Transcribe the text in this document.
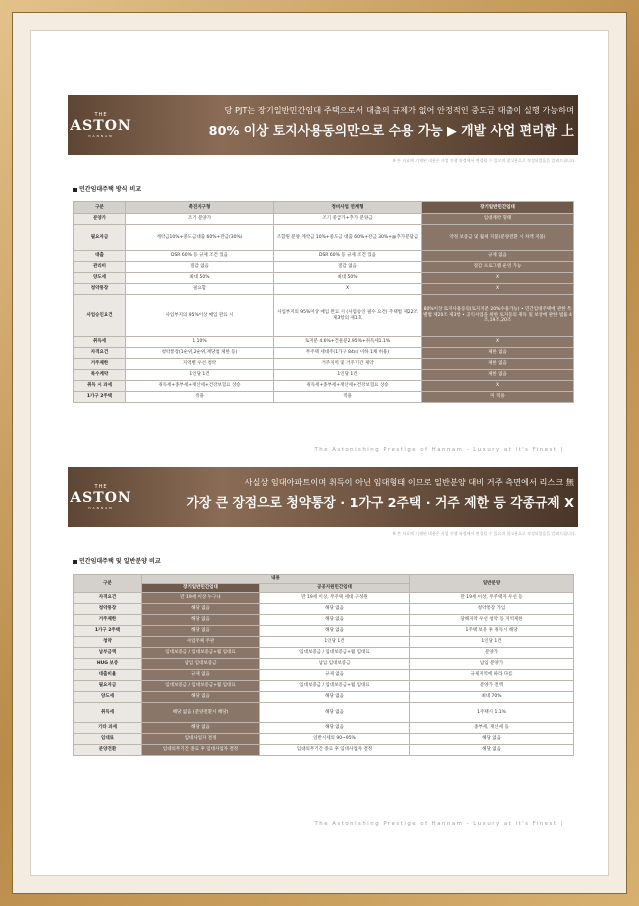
THE
ASTON
HANNAM
당 PJT는 장기일반민간임대 주택으로서 대출의 규제가 없어 안정적인 중도금 대출이 실행 가능하며
80% 이상 토지사용동의만으로 수용 가능 ▶ 개발 사업 편리함 上
※ 본 자료에 기재된 내용은 사업 진행 과정에서 변경될 수 있으며 참고용으로 작성되었음을 알려드립니다.
민간임대주택 방식 비교
구분	촉진지구형	정비사업 연계형	장기일반민간임대
분양가	조기 분양가	조기 중급가+추가 분양금	임대계약 형태
필요자금	계약금10%+중도금대출 60%+잔금(30%)	조합원 분양 계약금 10%+중도금 대출 60%+잔금 30%+@추가분담금	약정 보증금 및 월세 지불(분양전환 시 차액 지불)
대출	DSR 60% 등 규제 조건 있음	DSR 60% 등 규제 조건 있음	규제 없음
관리비	절감 없음	절감 없음	절감 프로그램 운영 가능
양도세	최대 50%	최대 50%	X
청약통장	필요함	X	X
사업승인요건	사업부지의 95%이상 매입 완료 시	사업부지의 95%이상 매입 완료 시 (사업승인 필수 요건) 주택법 제22조 제3항의 제1호	80%이상 토지사용동의(토지지분 20%수용가능) • 민간임대주택에 관한 특별법 제20조 제3항 • 공익사업을 위한 토지등의 취득 및 보상에 관한 법률 4조,19조,20조
취득세	1.10%	토지분 4.6%+건물분2.95%+취득세1.1%	X
자격요건	청약통장(1순위,2순위,재당첨 제한 등)	무주택 세대주(1가구 84㎡ 이하 1채 허용)	제한 없음
거주제한	지역별 우선 청약	거주지역 및 거주기간 제약	제한 없음
복수계약	1인당 1건	1인당 1건	제한 없음
취득 시 과세	취득세+종부세+재산세+건강보험료 상승	취득세+종부세+재산세+건강보험료 상승	X
1가구 2주택	적용	적용	미 적용
The Astonishing Prestige of Hannam - Luxury at it's Finest |
THE
ASTON
HANNAM
사실상 임대아파트이며 취득이 아닌 임대형태 이므로 일반분양 대비 거주 측면에서 리스크 無
가장 큰 장점으로 청약통장 · 1가구 2주택 · 거주 제한 등 각종규제 X
※ 본 자료에 기재된 내용은 사업 진행 과정에서 변경될 수 있으며 참고용으로 작성되었음을 알려드립니다.
민간임대주택 및 일반분양 비교
구분	내용		일반분양
	장기일반민간임대	공공지원민간임대	
자격요건	만 19세 이상 누구나	만 19세 이상, 무주택 세대 구성원	만 19세 이상, 무주택자 우선 등
청약통장	해당 없음	해당 없음	청약통장 가입
거주제한	해당 없음	해당 없음	당해지역 우선 청약 등 지역제한
1가구 2주택	해당 없음	해당 없음	1주택 보유 후 취득시 해당
청약	사업주체 주관	1인당 1건	1인당 1건
납부금액	임대보증금 / 임대보증금+월 임대료	임대보증금 / 임대보증금+월 임대료	분양가
HUG 보증	납입 임대보증금	납입 임대보증금	납입 분양가
대출비율	규제 없음	규제 없음	규제지역에 따라 다름
필요자금	임대보증금 / 임대보증금+월 임대료	임대보증금 / 임대보증금+월 임대료	분양가 전액
양도세	해당 없음	해당 없음	최대 70%
취득세	해당 없음 (분양전환시 해당)	해당 없음	1주택시 1.1%
기타 과세	해당 없음	해당 없음	종부세, 재산세 등
임대료	임대사업자 결정	일반시세의 90~95%	해당 없음
분양전환	임대의무기간 종료 후 임대사업자 결정	임대의무기간 종료 후 임대사업자 결정	해당 없음
The Astonishing Prestige of Hannam - Luxury at it's Finest |
